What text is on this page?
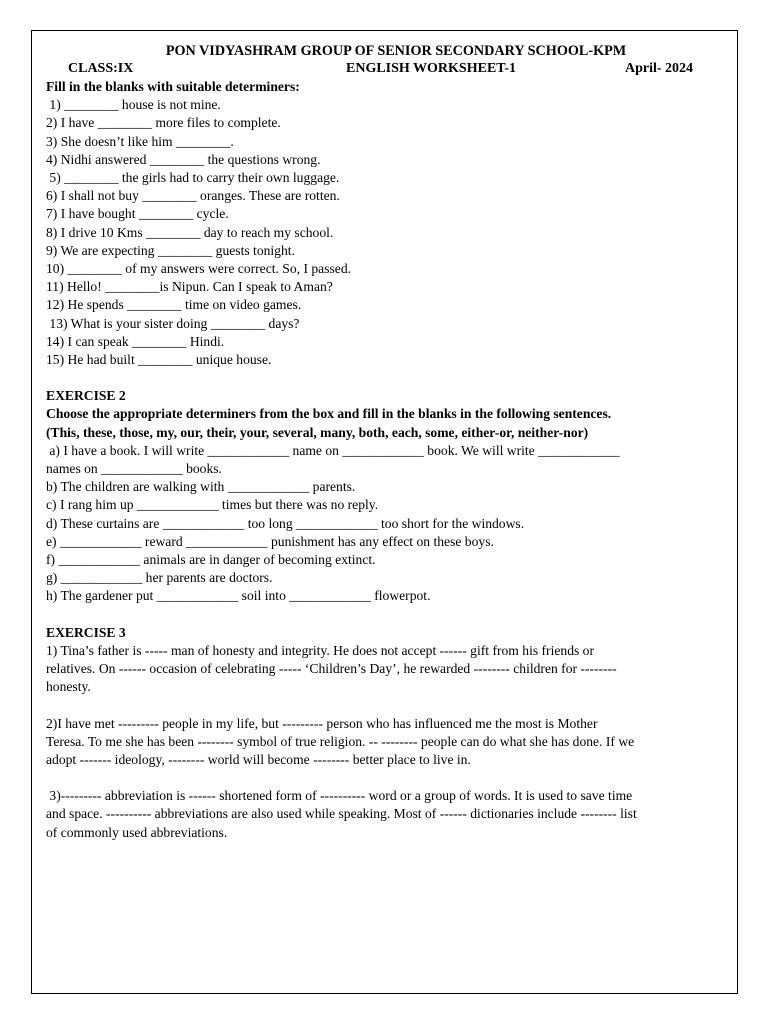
PON VIDYASHRAM GROUP OF SENIOR SECONDARY SCHOOL-KPM
CLASS:IX	ENGLISH WORKSHEET-1	April- 2024
Fill in the blanks with suitable determiners:
1) ________ house is not mine.
2) I have ________ more files to complete.
3) She doesn’t like him ________.
4) Nidhi answered ________ the questions wrong.
5) ________ the girls had to carry their own luggage.
6) I shall not buy ________ oranges. These are rotten.
7) I have bought ________ cycle.
8) I drive 10 Kms ________ day to reach my school.
9) We are expecting ________ guests tonight.
10) ________ of my answers were correct. So, I passed.
11) Hello! ________is Nipun. Can I speak to Aman?
12) He spends ________ time on video games.
13) What is your sister doing ________ days?
14) I can speak ________ Hindi.
15) He had built ________ unique house.
EXERCISE 2
Choose the appropriate determiners from the box and fill in the blanks in the following sentences.
(This, these, those, my, our, their, your, several, many, both, each, some, either-or, neither-nor)
a) I have a book. I will write ____________ name on ____________ book. We will write ____________
names on ____________ books.
b) The children are walking with ____________ parents.
c) I rang him up ____________ times but there was no reply.
d) These curtains are ____________ too long ____________ too short for the windows.
e) ____________ reward ____________ punishment has any effect on these boys.
f) ____________ animals are in danger of becoming extinct.
g) ____________ her parents are doctors.
h) The gardener put ____________ soil into ____________ flowerpot.
EXERCISE 3
1) Tina’s father is ----- man of honesty and integrity. He does not accept ------ gift from his friends or
relatives. On ------ occasion of celebrating ----- ‘Children’s Day’, he rewarded -------- children for --------
honesty.
2)I have met --------- people in my life, but --------- person who has influenced me the most is Mother
Teresa. To me she has been -------- symbol of true religion. -- -------- people can do what she has done. If we
adopt ------- ideology, -------- world will become -------- better place to live in.
3)--------- abbreviation is ------ shortened form of ---------- word or a group of words. It is used to save time
and space. ---------- abbreviations are also used while speaking. Most of ------ dictionaries include -------- list
of commonly used abbreviations.
